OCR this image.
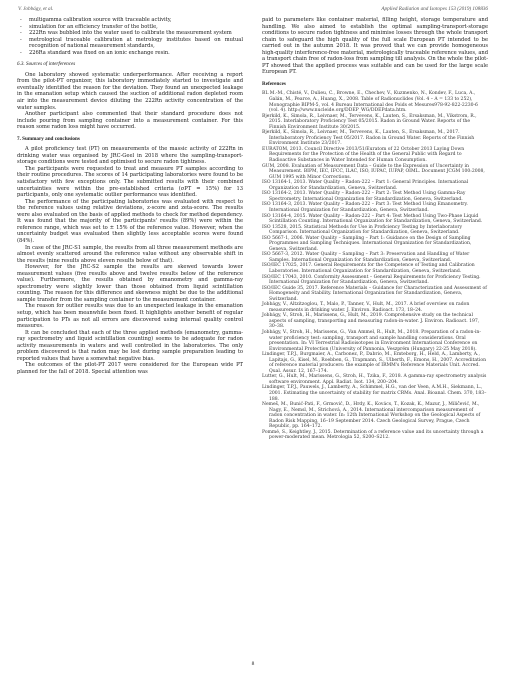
V. Jobbágy, et al.	Applied Radiation and Isotopes 153 (2019) 108836
- multigamma calibration source with traceable activity,
- simulation for an efficiency transfer of the bottle,
- 222Rn was bubbled into the water used to calibrate the measurement system
- metrological traceable calibration at metrology institutes based on mutual recognition of national measurement standards,
- 226Ra standard was fixed on an ionic exchange resin.
6.3. Sources of interferences

One laboratory showed systematic underperformance. After receiving a report from the pilot-PT organizer, this laboratory immediately started to investigate and eventually identified the reason for the deviation. They found an unexpected leakage in the emanation setup which caused the suction of additional radon depleted room air into the measurement device diluting the 222Rn activity concentration of the water samples.

Another participant also commented that their standard procedure does not include pouring from sampling container into a measurement container. For this reason some radon loss might have occurred.

7. Summary and conclusions

A pilot proficiency test (PT) on measurements of the massic activity of 222Rn in drinking water was organised by JRC-Geel in 2018 where the sampling-transport-storage conditions were tested and optimised to secure radon tightness.

The participants were requested to treat and measure PT samples according to their routine procedures. The scores of 14 participating laboratories were found to be satisfactory with few exceptions only. The submitted results with their combined uncertainties were within the pre-established criteria (σPT = 15%) for 13 participants, only one systematic outlier performance was identified.

The performance of the participating laboratories was evaluated with respect to the reference values using relative deviations, z-score and zeta-score. The results were also evaluated on the basis of applied methods to check for method dependency. It was found that the majority of the participants' results (89%) were within the reference range, which was set to ± 15% of the reference value. However, when the uncertainty budget was evaluated then slightly less acceptable scores were found (84%).

In case of the JRC-S1 sample, the results from all three measurement methods are almost evenly scattered around the reference value without any observable shift in the results (nine results above eleven results below of that).

However, for the JRC-S2 sample the results are skewed towards lower measurement values (five results above and twelve results below of the reference value). Furthermore, the results obtained by emanometry and gamma-ray spectrometry were slightly lower than those obtained from liquid scintillation counting. The reason for this difference and skewness might be due to the additional sample transfer from the sampling container to the measurement container.

The reason for outlier results was due to an unexpected leakage in the emanation setup, which has been meanwhile been fixed. It highlights another benefit of regular participation to PTs as not all errors are discovered using internal quality control measures.

It can be concluded that each of the three applied methods (emanometry, gamma-ray spectrometry and liquid scintillation counting) seems to be adequate for radon activity measurements in waters and well controlled in the laboratories. The only problem discovered is that radon may be lost during sample preparation leading to reported values that have a somewhat negative bias.

The outcomes of the pilot-PT 2017 were considered for the European wide PT planned for the fall of 2018. Special attention was

paid to parameters like container material, filling height, storage temperature and handling. We also aimed to establish the optimal sampling-transport-storage conditions to secure radon tightness and minimise losses through the whole transport chain to safeguard the high quality of the full scale European PT intended to be carried out in the autumn 2018. It was proved that we can provide homogeneous high-quality interference-free material, metrologically traceable reference values, and a transport chain free of radon-loss from sampling till analysis. On the whole the pilot-PT showed that the applied process was suitable and can be used for the large scale European PT.

References

BL M.-M., Chisté, V., Dulieu, C., Browne, E., Chechev, V., Kuzmenko, N., Kondev, F., Luca, A., Galán, M., Pearce, A., Huang, X., 2008. Table of Radionuclides (Vol. 4 – A = 133 to 252), Monographie BIPM-5, vol. 4 Bureau International des Poids et Mesures978-92-822-2230-6 (vol. 4). http://www.nucleide.org/DDEP_WG/DDEPdata.htm.

Bjerkild, K., Simola, R., Leivnaer, M., Tervevens, K., Lauten, S., Ersaksman, M., Vikstrom, R., 2015. Interlaboratory Proficiency Test 05/2015. Radon in Ground Water. Reports of the Finnish Environment Institute 30/2015.

Bjerkild, K., Simola, R., Leivnaer, M., Tervevens, K., Lauten, S., Ersaksman, M., 2017. Interlaboratory Proficiency Test 05/2017. Radon in Ground Water. Reports of the Finnish Environment Institute 23/2017.

EURATOM, 2013. Council Directive 2013/51/Euratom of 22 October 2013 Laying Down Requirements for the Protection of the Health of the General Public with Regard to Radioactive Substances in Water Intended for Human Consumption.

GUM, 2008. Evaluation of Measurement Data – Guide to the Expression of Uncertainty in Measurement. BIPM, IEC, IFCC, ILAC, ISO, IUPAC, IUPAP, OIML. Document JCGM 100:2008, GUM 1995 with Minor Corrections.

ISO 13164-1, 2013. Water Quality – Radon-222 – Part 1: General Principles. International Organization for Standardization, Geneva, Switzerland.

ISO 13164-2, 2013. Water Quality – Radon-222 – Part 2: Test Method Using Gamma-Ray Spectrometry. International Organization for Standardization, Geneva, Switzerland.

ISO 13164-3, 2013. Water Quality – Radon-222 – Part 3: Test Method Using Emanometry. International Organization for Standardization, Geneva, Switzerland.

ISO 13164-4, 2015. Water Quality – Radon-222 – Part 4: Test Method Using Two-Phase Liquid Scintillation Counting. International Organization for Standardization, Geneva, Switzerland.

ISO 13528, 2015. Statistical Methods for Use in Proficiency Testing by Interlaboratory Comparison. International Organization for Standardization, Geneva, Switzerland.

ISO 5667-1, 2006. Water Quality – Sampling – Part 1: Guidance on the Design of Sampling Programmes and Sampling Techniques. International Organization for Standardization, Geneva, Switzerland.

ISO 5667-3, 2012. Water Quality – Sampling – Part 3: Preservation and Handling of Water Samples. International Organization for Standardization, Geneva, Switzerland.

ISO/IEC 17025, 2017. General Requirements for the Competence of Testing and Calibration Laboratories. International Organization for Standardization, Geneva, Switzerland.

ISO/IEC 17043, 2010. Conformity Assessment – General Requirements for Proficiency Testing. International Organization for Standardization, Geneva, Switzerland.

ISO/IEC Guide 35, 2017. Reference Materials – Guidance for Characterization and Assessment of Homogeneity and Stability. International Organization for Standardization, Geneva, Switzerland.

Jobbágy, V., Altzitzoglou, T., Malo, P., Tanner, V., Hult, M., 2017. A brief overview on radon measurements in drinking water. J. Environ. Radioact. 173, 18–24.

Jobbágy, V., Stroh, H., Marissens, G., Hult, M., 2019. Comprehensive study on the technical aspects of sampling, transporting and measuring radon-in-water. J. Environ. Radioact. 197, 30–38.

Jobbágy, V., Stroh, H., Marissens, G., Van Ammel, R., Hult, M., 2018. Preparation of a radon-in-water proficiency test: sampling, transport and sample handling considerations. Oral presentation. In: VI Terrestrial Radioisotopes in Environment International Conference on Environmental Protection (University of Pannonia, Veszprém (Hungary) 22-25 May 2018).

Lindinger, T.P.J., Burgmaier, A., Carbonez, P., Dabrio, M., Emteborg, H., Held, A., Lamberty, A., Lapitajs, G., Kisel, M., Roebben, G., Trapmann, S., Ulberth, F., Emons, H., 2007. Accreditation of reference material producers: the example of IRMM's Reference Materials Unit. Accred. Qual. Assur. 12, 167–174.

Lutter, G., Hult, M., Marissens, G., Stroh, H., Tzika, F., 2018. A gamma-ray spectrometry analysis software environment. Appl. Radiat. Isot. 134, 200–204.

Lindinger, T.P.J., Pauwels, J., Lamberty, A., Schimmel, H.G., van der Veen, A.M.H., Siekmann, L., 2001. Estimating the uncertainty of stability for matrix CRMs. Anal. Bioanal. Chem. 370, 183–188.

Nemeš, M., Bunić-Pati, F., Grmović, D., Hrdy, K., Kovács, T., Kozak, K., Mazur, J., Miličević, M., Nagy, E., Nemsl, M., Strichová, A., 2014. International intercomparison measurement of radon concentration in water. In: 12th International Workshop on the Geological Aspects of Radon Risk Mapping, 16–19 September 2014. Czech Geological Survey, Prague, Czech Republic, pp. 164–172.

Pommé, S., Keightley, J., 2015. Determination of a reference value and its uncertainty through a power-moderated mean. Metrologia 52, S200–S212.

8
